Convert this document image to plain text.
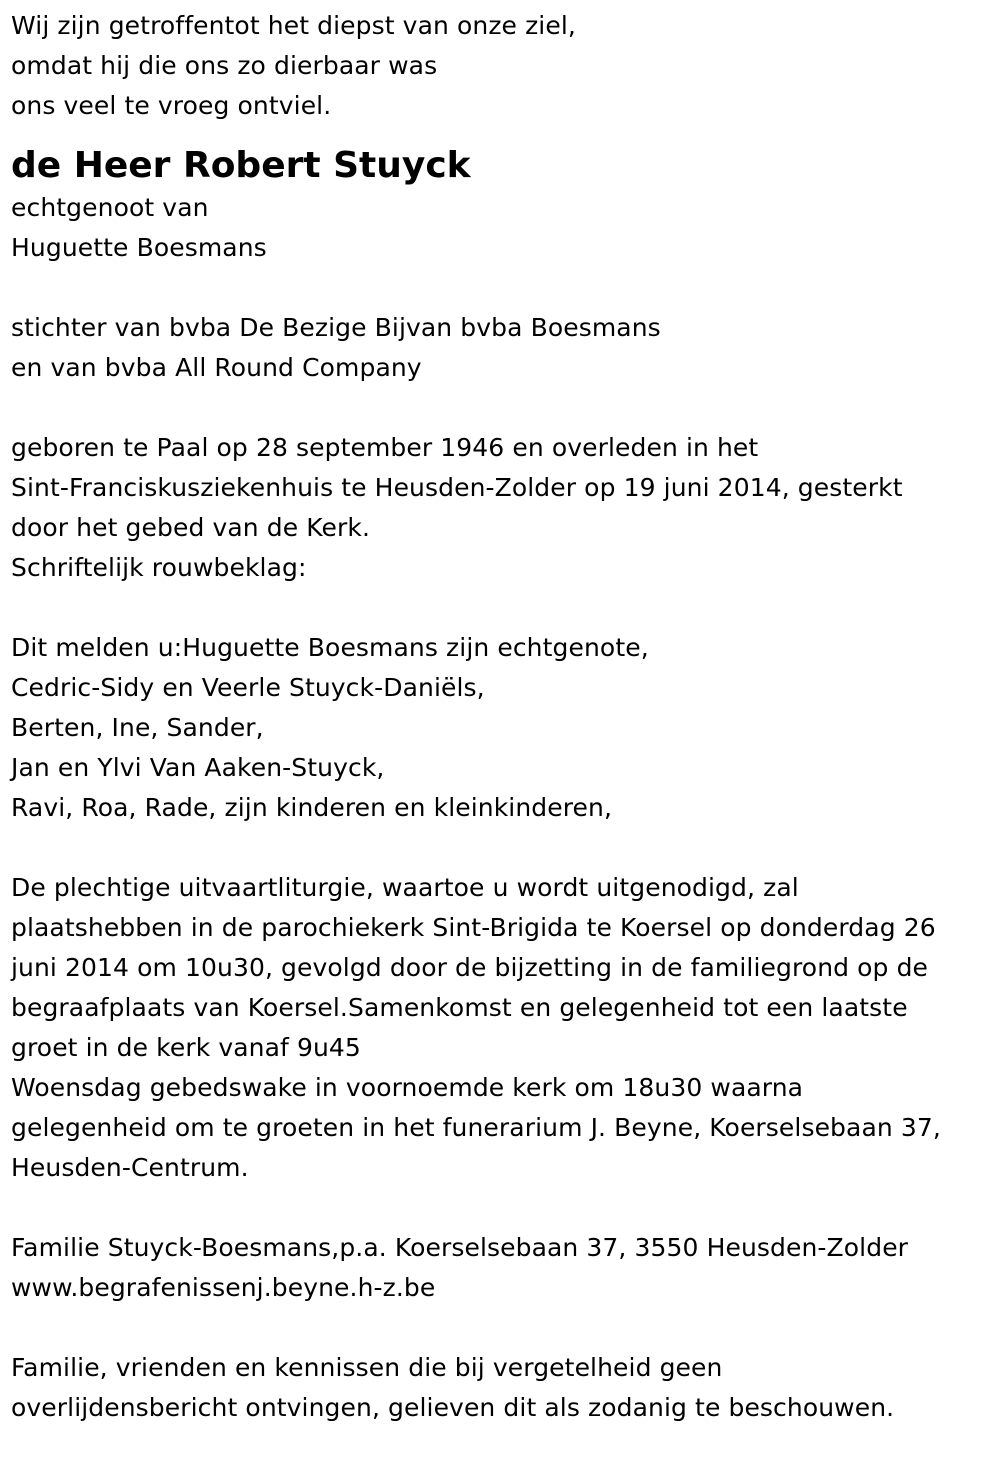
Wij zijn getroffentot het diepst van onze ziel,
omdat hij die ons zo dierbaar was
ons veel te vroeg ontviel.
de Heer Robert Stuyck
echtgenoot van
Huguette Boesmans
stichter van bvba De Bezige Bijvan bvba Boesmans
en van bvba All Round Company
geboren te Paal op 28 september 1946 en overleden in het
Sint-Franciskusziekenhuis te Heusden-Zolder op 19 juni 2014, gesterkt
door het gebed van de Kerk.
Schriftelijk rouwbeklag:
Dit melden u:Huguette Boesmans zijn echtgenote,
Cedric-Sidy en Veerle Stuyck-Daniëls,
Berten, Ine, Sander,
Jan en Ylvi Van Aaken-Stuyck,
Ravi, Roa, Rade, zijn kinderen en kleinkinderen,
De plechtige uitvaartliturgie, waartoe u wordt uitgenodigd, zal
plaatshebben in de parochiekerk Sint-Brigida te Koersel op donderdag 26
juni 2014 om 10u30, gevolgd door de bijzetting in de familiegrond op de
begraafplaats van Koersel.Samenkomst en gelegenheid tot een laatste
groet in de kerk vanaf 9u45
Woensdag gebedswake in voornoemde kerk om 18u30 waarna
gelegenheid om te groeten in het funerarium J. Beyne, Koerselsebaan 37,
Heusden-Centrum.
Familie Stuyck-Boesmans,p.a. Koerselsebaan 37, 3550 Heusden-Zolder
www.begrafenissenj.beyne.h-z.be
Familie, vrienden en kennissen die bij vergetelheid geen
overlijdensbericht ontvingen, gelieven dit als zodanig te beschouwen.
